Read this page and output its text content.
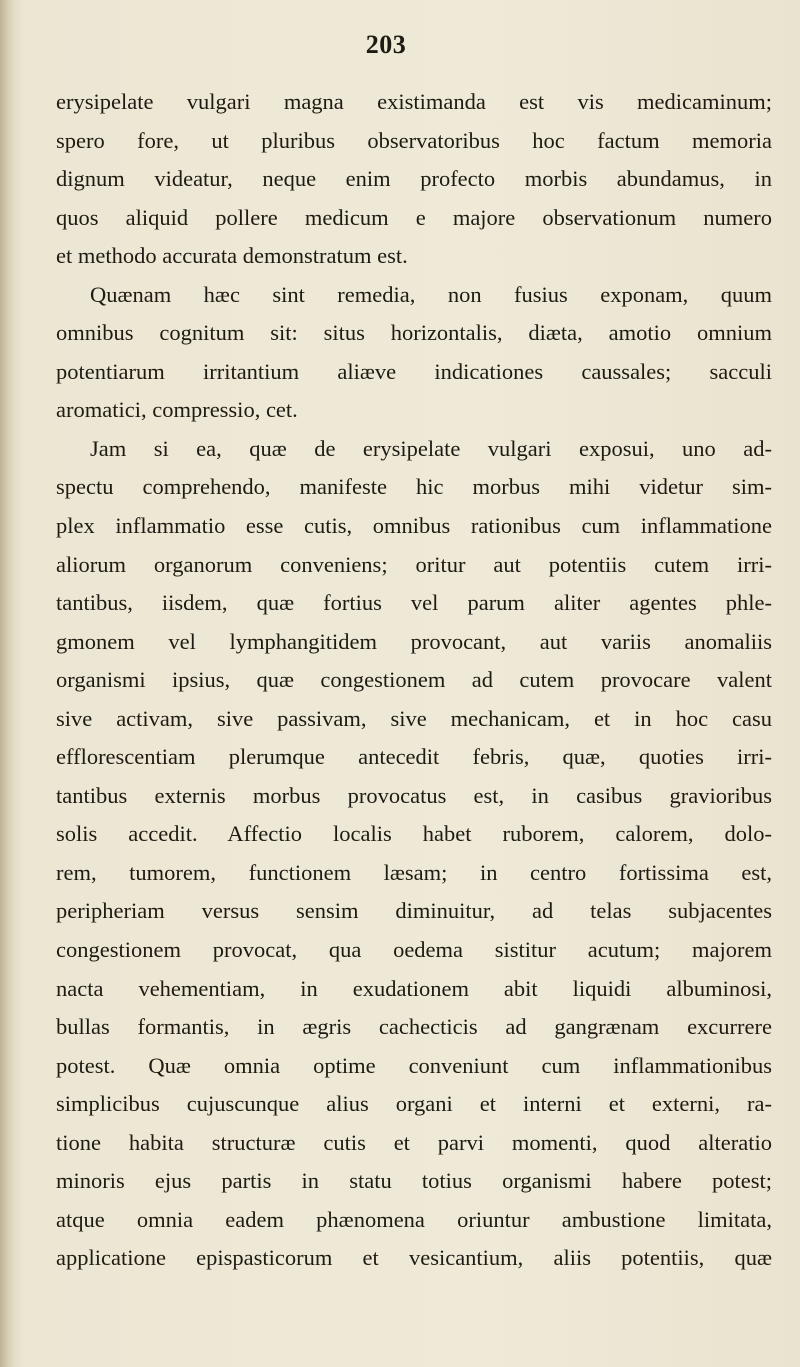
203
erysipelate vulgari magna existimanda est vis medicaminum;
spero fore, ut pluribus observatoribus hoc factum memoria
dignum videatur, neque enim profecto morbis abundamus, in
quos aliquid pollere medicum e majore observationum numero
et methodo accurata demonstratum est.
Quænam hæc sint remedia, non fusius exponam, quum
omnibus cognitum sit: situs horizontalis, diæta, amotio omnium
potentiarum irritantium aliæve indicationes caussales; sacculi
aromatici, compressio, cet.
Jam si ea, quæ de erysipelate vulgari exposui, uno ad-
spectu comprehendo, manifeste hic morbus mihi videtur sim-
plex inflammatio esse cutis, omnibus rationibus cum inflammatione
aliorum organorum conveniens; oritur aut potentiis cutem irri-
tantibus, iisdem, quæ fortius vel parum aliter agentes phle-
gmonem vel lymphangitidem provocant, aut variis anomaliis
organismi ipsius, quæ congestionem ad cutem provocare valent
sive activam, sive passivam, sive mechanicam, et in hoc casu
efflorescentiam plerumque antecedit febris, quæ, quoties irri-
tantibus externis morbus provocatus est, in casibus gravioribus
solis accedit. Affectio localis habet ruborem, calorem, dolo-
rem, tumorem, functionem læsam; in centro fortissima est,
peripheriam versus sensim diminuitur, ad telas subjacentes
congestionem provocat, qua oedema sistitur acutum; majorem
nacta vehementiam, in exudationem abit liquidi albuminosi,
bullas formantis, in ægris cachecticis ad gangrænam excurrere
potest. Quæ omnia optime conveniunt cum inflammationibus
simplicibus cujuscunque alius organi et interni et externi, ra-
tione habita structuræ cutis et parvi momenti, quod alteratio
minoris ejus partis in statu totius organismi habere potest;
atque omnia eadem phænomena oriuntur ambustione limitata,
applicatione epispasticorum et vesicantium, aliis potentiis, quæ
